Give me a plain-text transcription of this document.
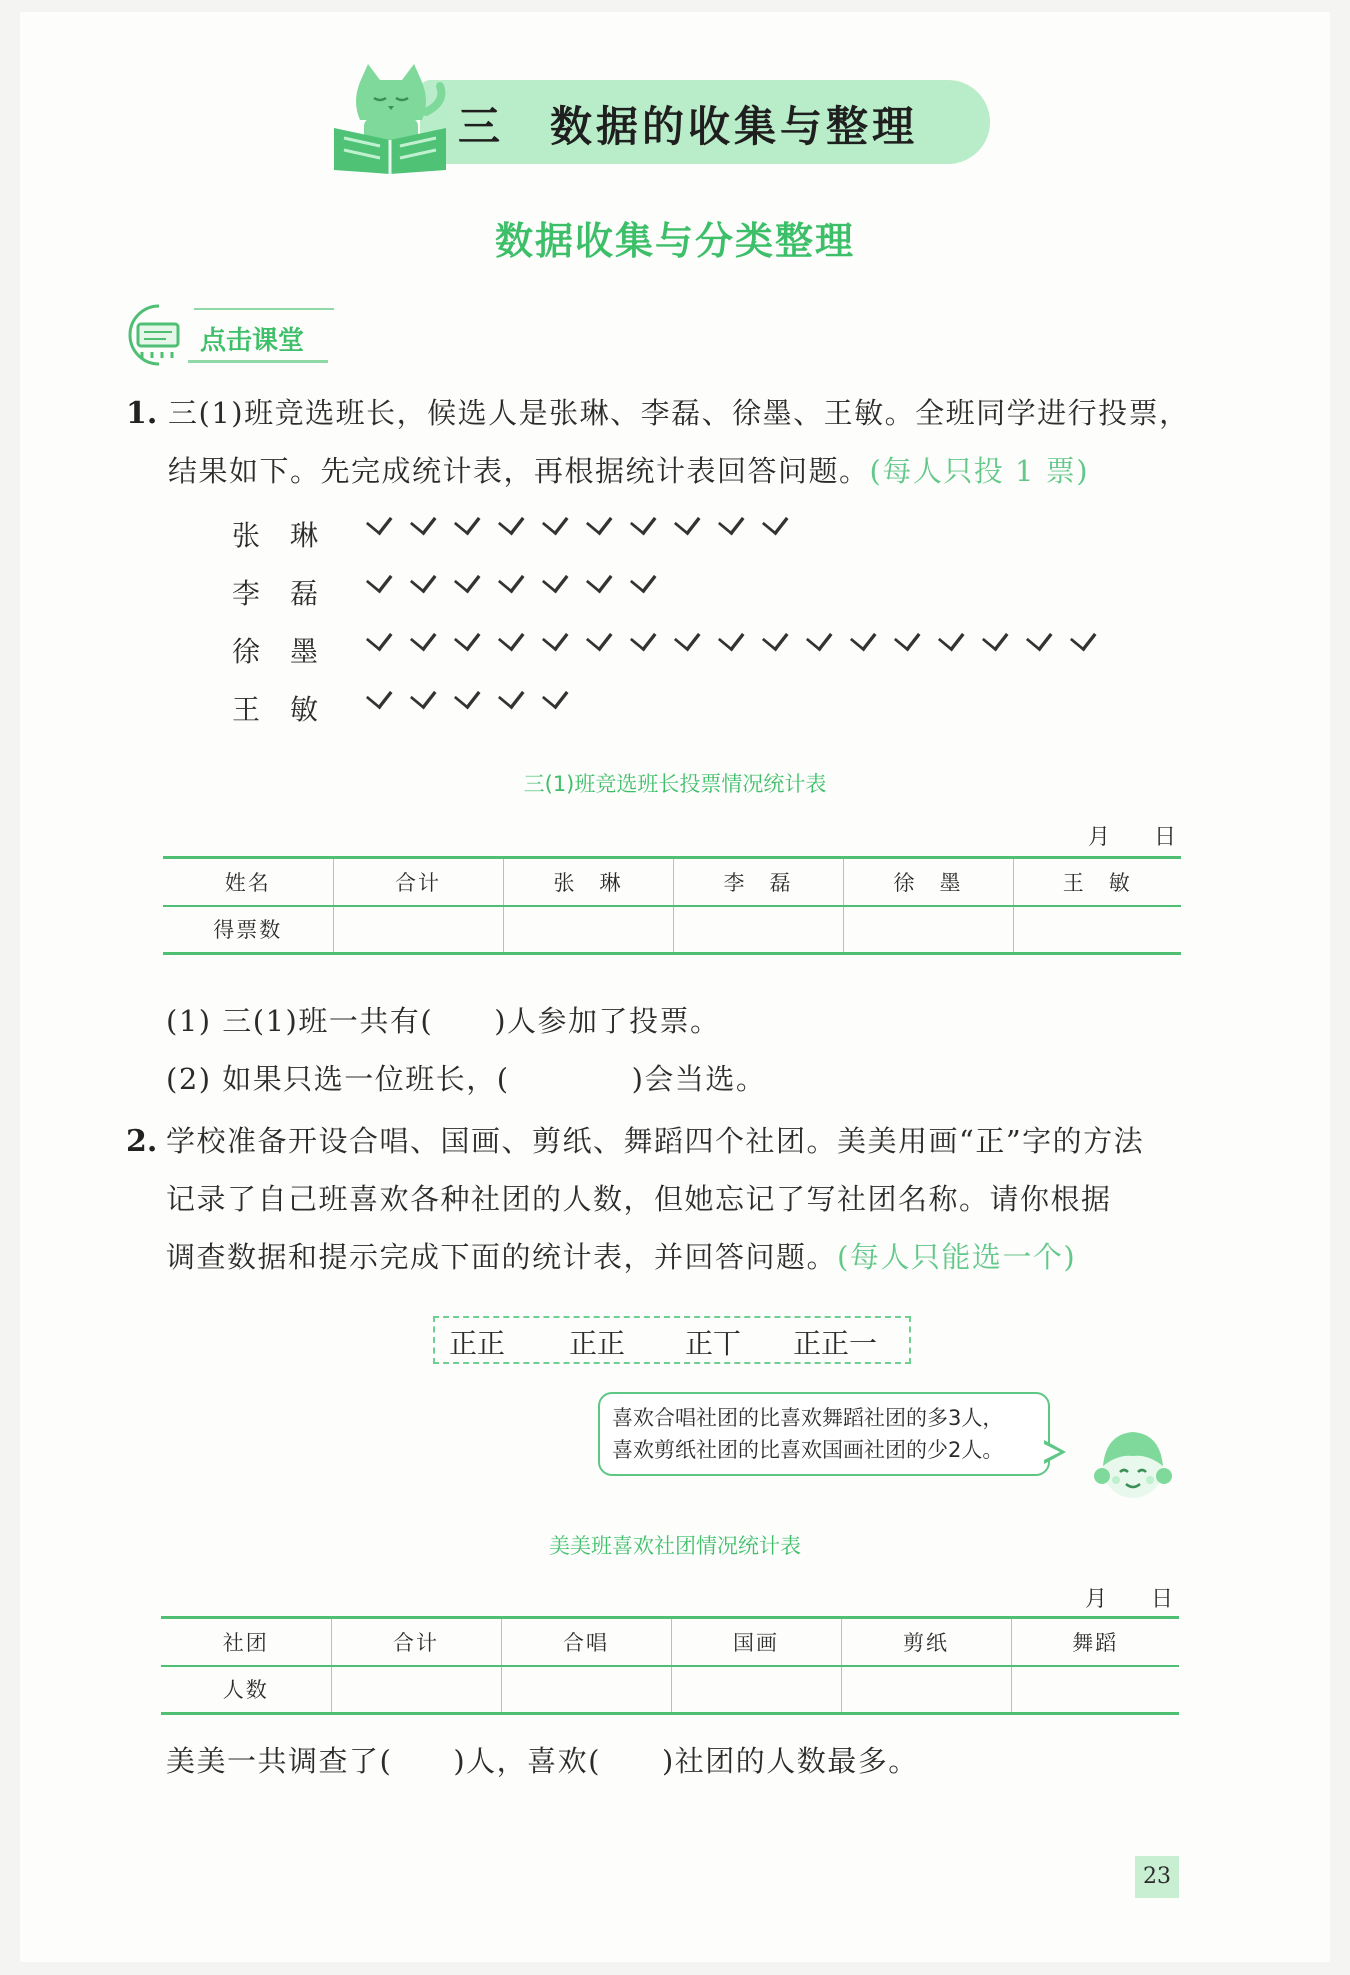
三　数据的收集与整理
数据收集与分类整理
点击课堂
1. 三(1)班竞选班长，候选人是张琳、李磊、徐墨、王敏。全班同学进行投票，
结果如下。先完成统计表，再根据统计表回答问题。(每人只投 1 票)
张琳
李磊
徐墨
王敏
三(1)班竞选班长投票情况统计表
月　　日
姓名	合计	张　琳	李　磊	徐　墨	王　敏
得票数					
(1) 三(1)班一共有(　　)人参加了投票。
(2) 如果只选一位班长，(　　　　)会当选。
2. 学校准备开设合唱、国画、剪纸、舞蹈四个社团。美美用画“正”字的方法
记录了自己班喜欢各种社团的人数，但她忘记了写社团名称。请你根据
调查数据和提示完成下面的统计表，并回答问题。(每人只能选一个)
正正 正正 正丅 正正一
喜欢合唱社团的比喜欢舞蹈社团的多3人，
喜欢剪纸社团的比喜欢国画社团的少2人。
美美班喜欢社团情况统计表
月　　日
社团	合计	合唱	国画	剪纸	舞蹈
人数					
美美一共调查了(　　)人，喜欢(　　)社团的人数最多。
23
